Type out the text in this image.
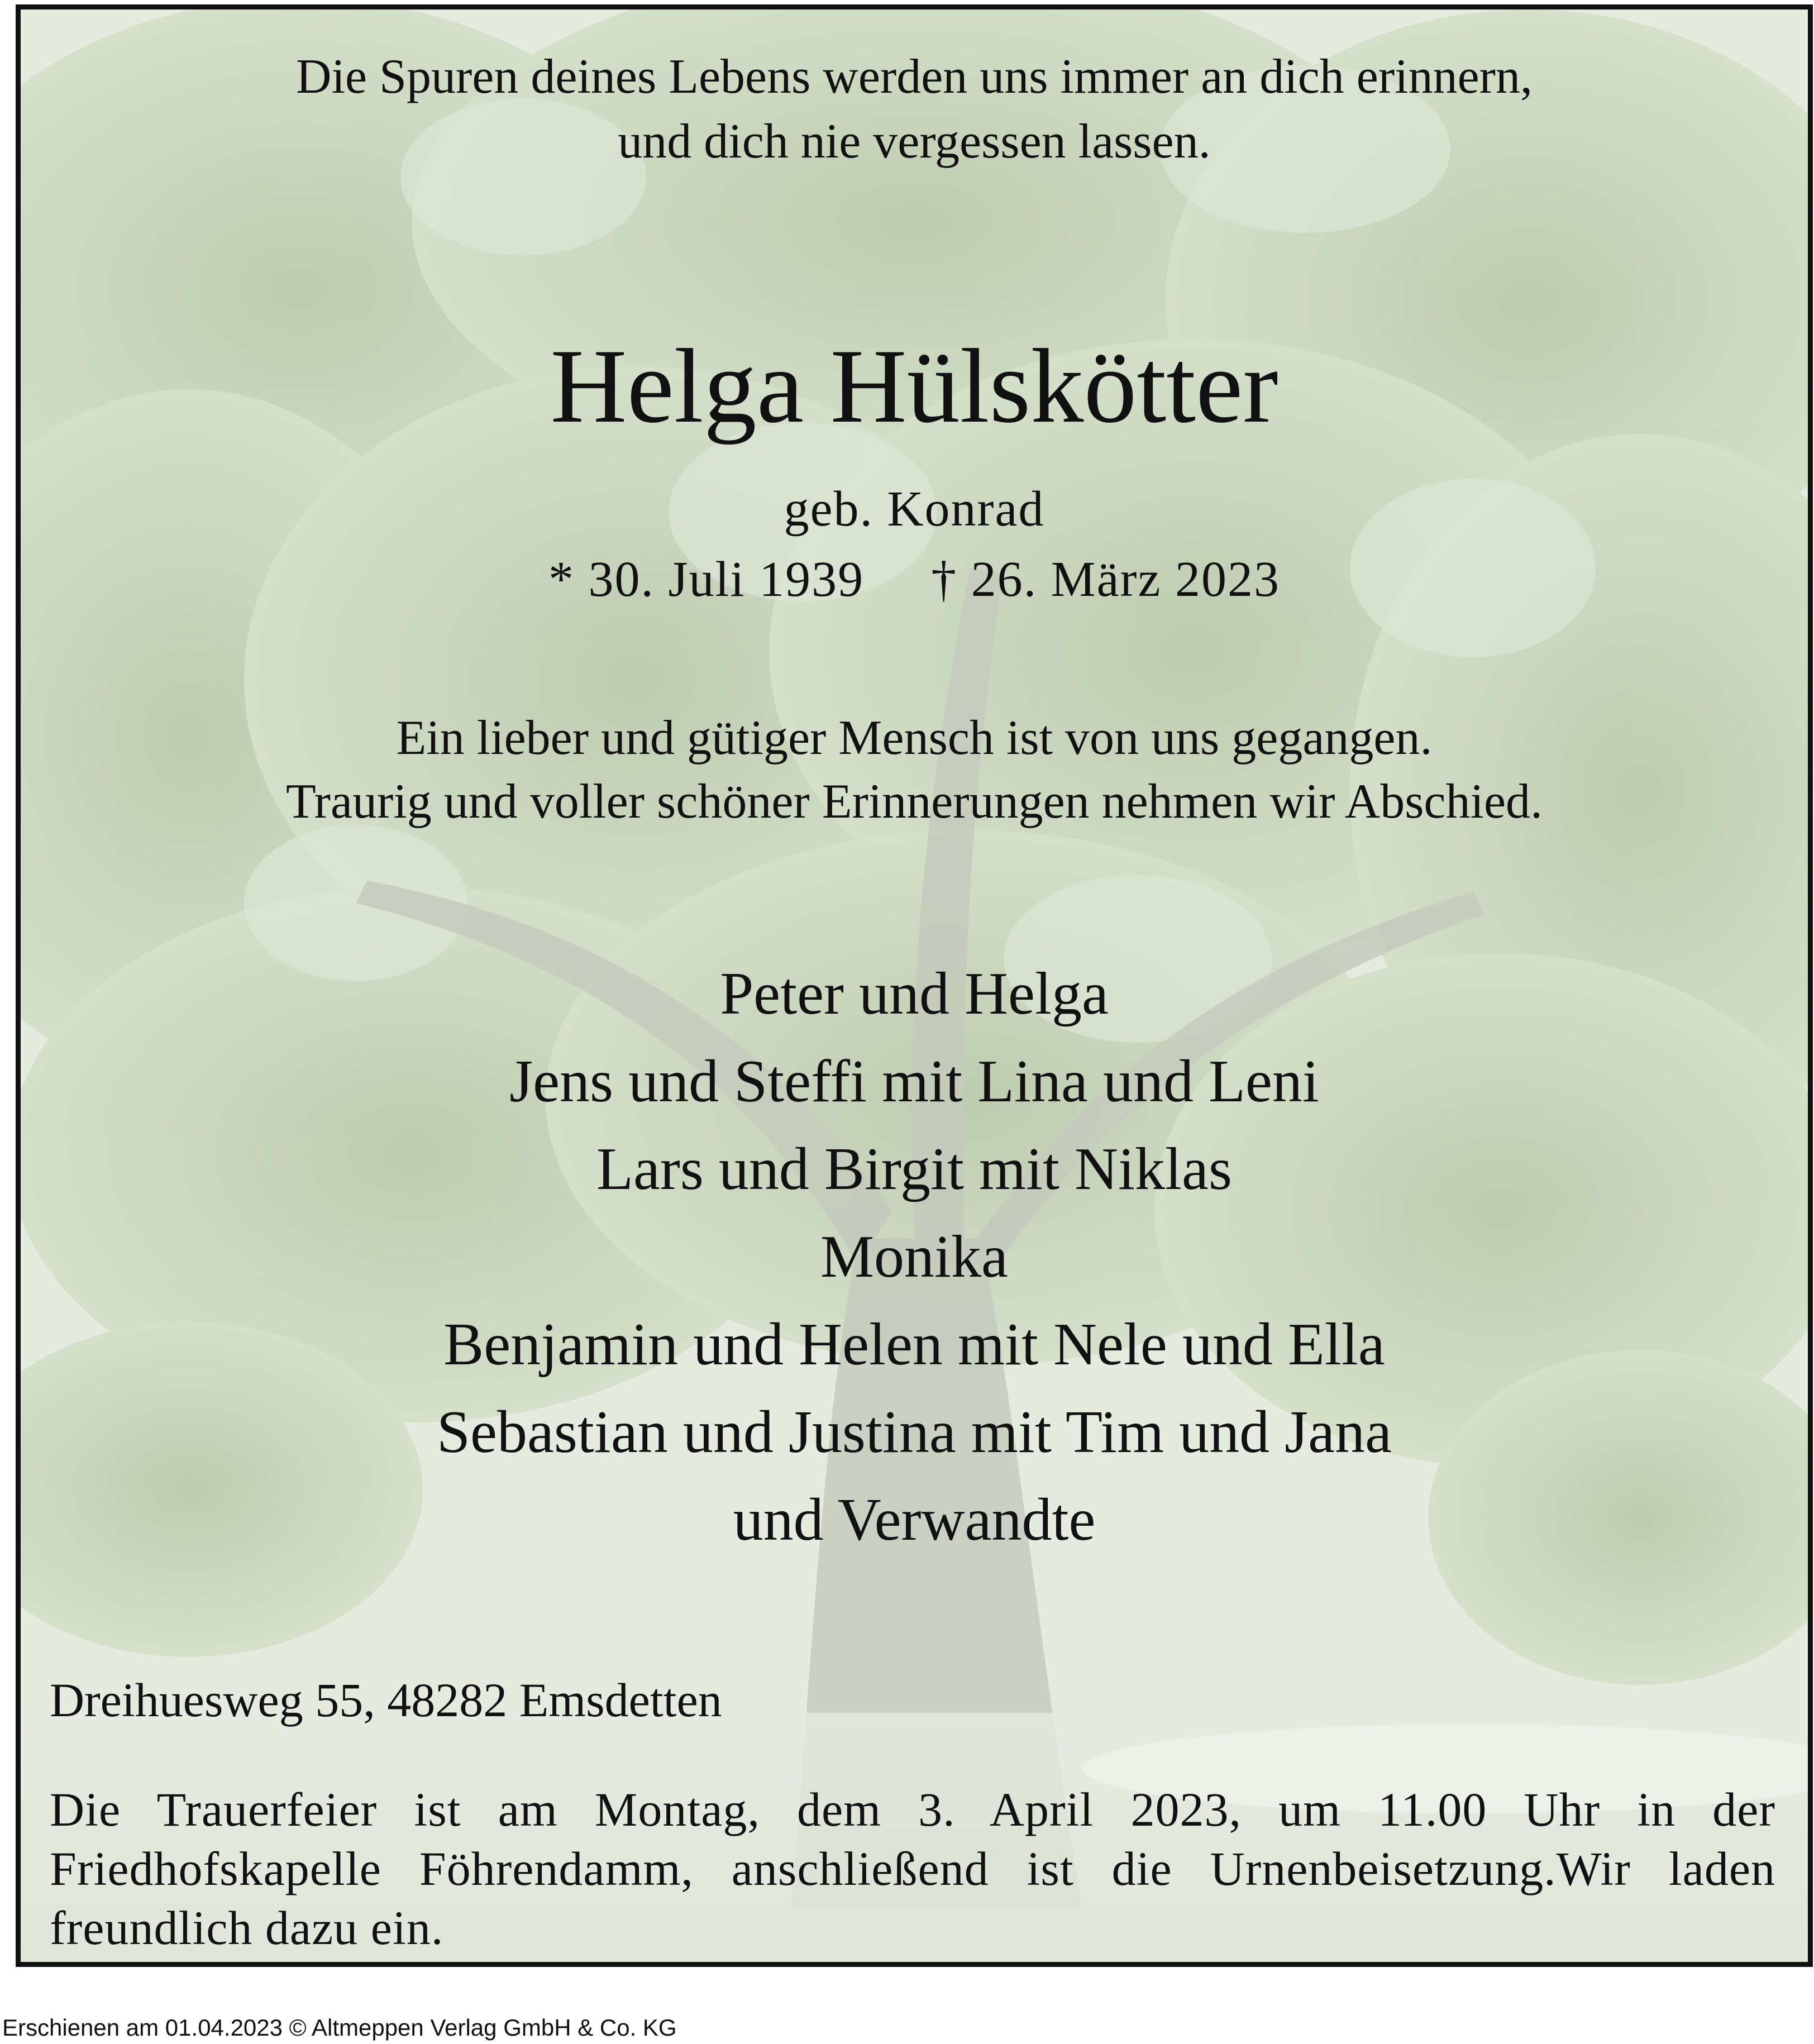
Die Spuren deines Lebens werden uns immer an dich erinnern,

und dich nie vergessen lassen.

Helga Hülskötter

geb. Konrad

* 30. Juli 1939 † 26. März 2023

Ein lieber und gütiger Mensch ist von uns gegangen.

Traurig und voller schöner Erinnerungen nehmen wir Abschied.

Peter und Helga

Jens und Steffi mit Lina und Leni

Lars und Birgit mit Niklas

Monika

Benjamin und Helen mit Nele und Ella

Sebastian und Justina mit Tim und Jana

und Verwandte

Dreihuesweg 55, 48282 Emsdetten
Die Trauerfeier ist am Montag, dem 3. April 2023, um 11.00 Uhr in der Friedhofskapelle Föhrendamm, anschließend ist die Urnenbeisetzung.Wir laden freundlich dazu ein.
Erschienen am 01.04.2023 © Altmeppen Verlag GmbH & Co. KG
